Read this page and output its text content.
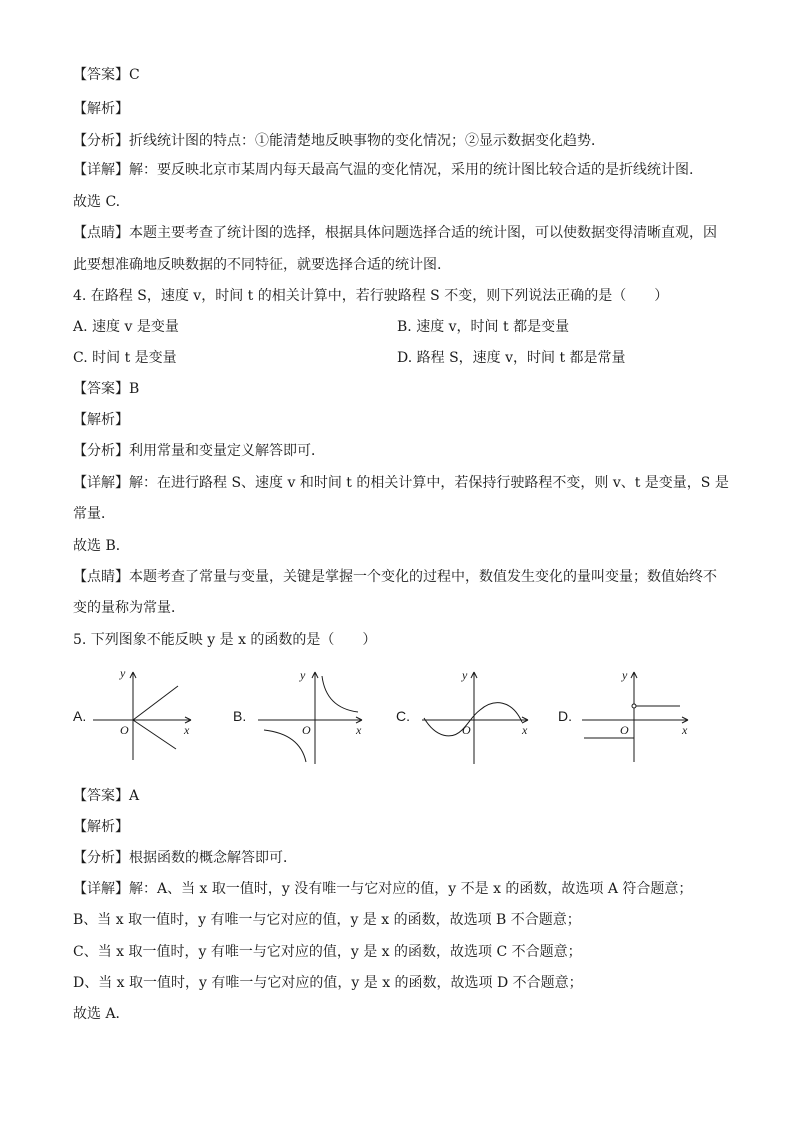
【答案】C
【解析】
【分析】折线统计图的特点：①能清楚地反映事物的变化情况；②显示数据变化趋势．
【详解】解：要反映北京市某周内每天最高气温的变化情况，采用的统计图比较合适的是折线统计图.
故选 C.
【点睛】本题主要考查了统计图的选择，根据具体问题选择合适的统计图，可以使数据变得清晰直观，因
此要想准确地反映数据的不同特征，就要选择合适的统计图.
4. 在路程 S，速度 v，时间 t 的相关计算中，若行驶路程 S 不变，则下列说法正确的是（　　）
A. 速度 v 是变量	B. 速度 v，时间 t 都是变量
C. 时间 t 是变量	D. 路程 S，速度 v，时间 t 都是常量
【答案】B
【解析】
【分析】利用常量和变量定义解答即可．
【详解】解：在进行路程 S、速度 v 和时间 t 的相关计算中，若保持行驶路程不变，则 v、t 是变量，S 是
常量．
故选 B．
【点睛】本题考查了常量与变量，关键是掌握一个变化的过程中，数值发生变化的量叫变量；数值始终不
变的量称为常量．
5. 下列图象不能反映 y 是 x 的函数的是（　　）
A.	B.	C.	D.
y
x
O
y
x
O
y
x
O
y
x
O
【答案】A
【解析】
【分析】根据函数的概念解答即可．
【详解】解：A、当 x 取一值时，y 没有唯一与它对应的值，y 不是 x 的函数，故选项 A 符合题意；
B、当 x 取一值时，y 有唯一与它对应的值，y 是 x 的函数，故选项 B 不合题意；
C、当 x 取一值时，y 有唯一与它对应的值，y 是 x 的函数，故选项 C 不合题意；
D、当 x 取一值时，y 有唯一与它对应的值，y 是 x 的函数，故选项 D 不合题意；
故选 A．
